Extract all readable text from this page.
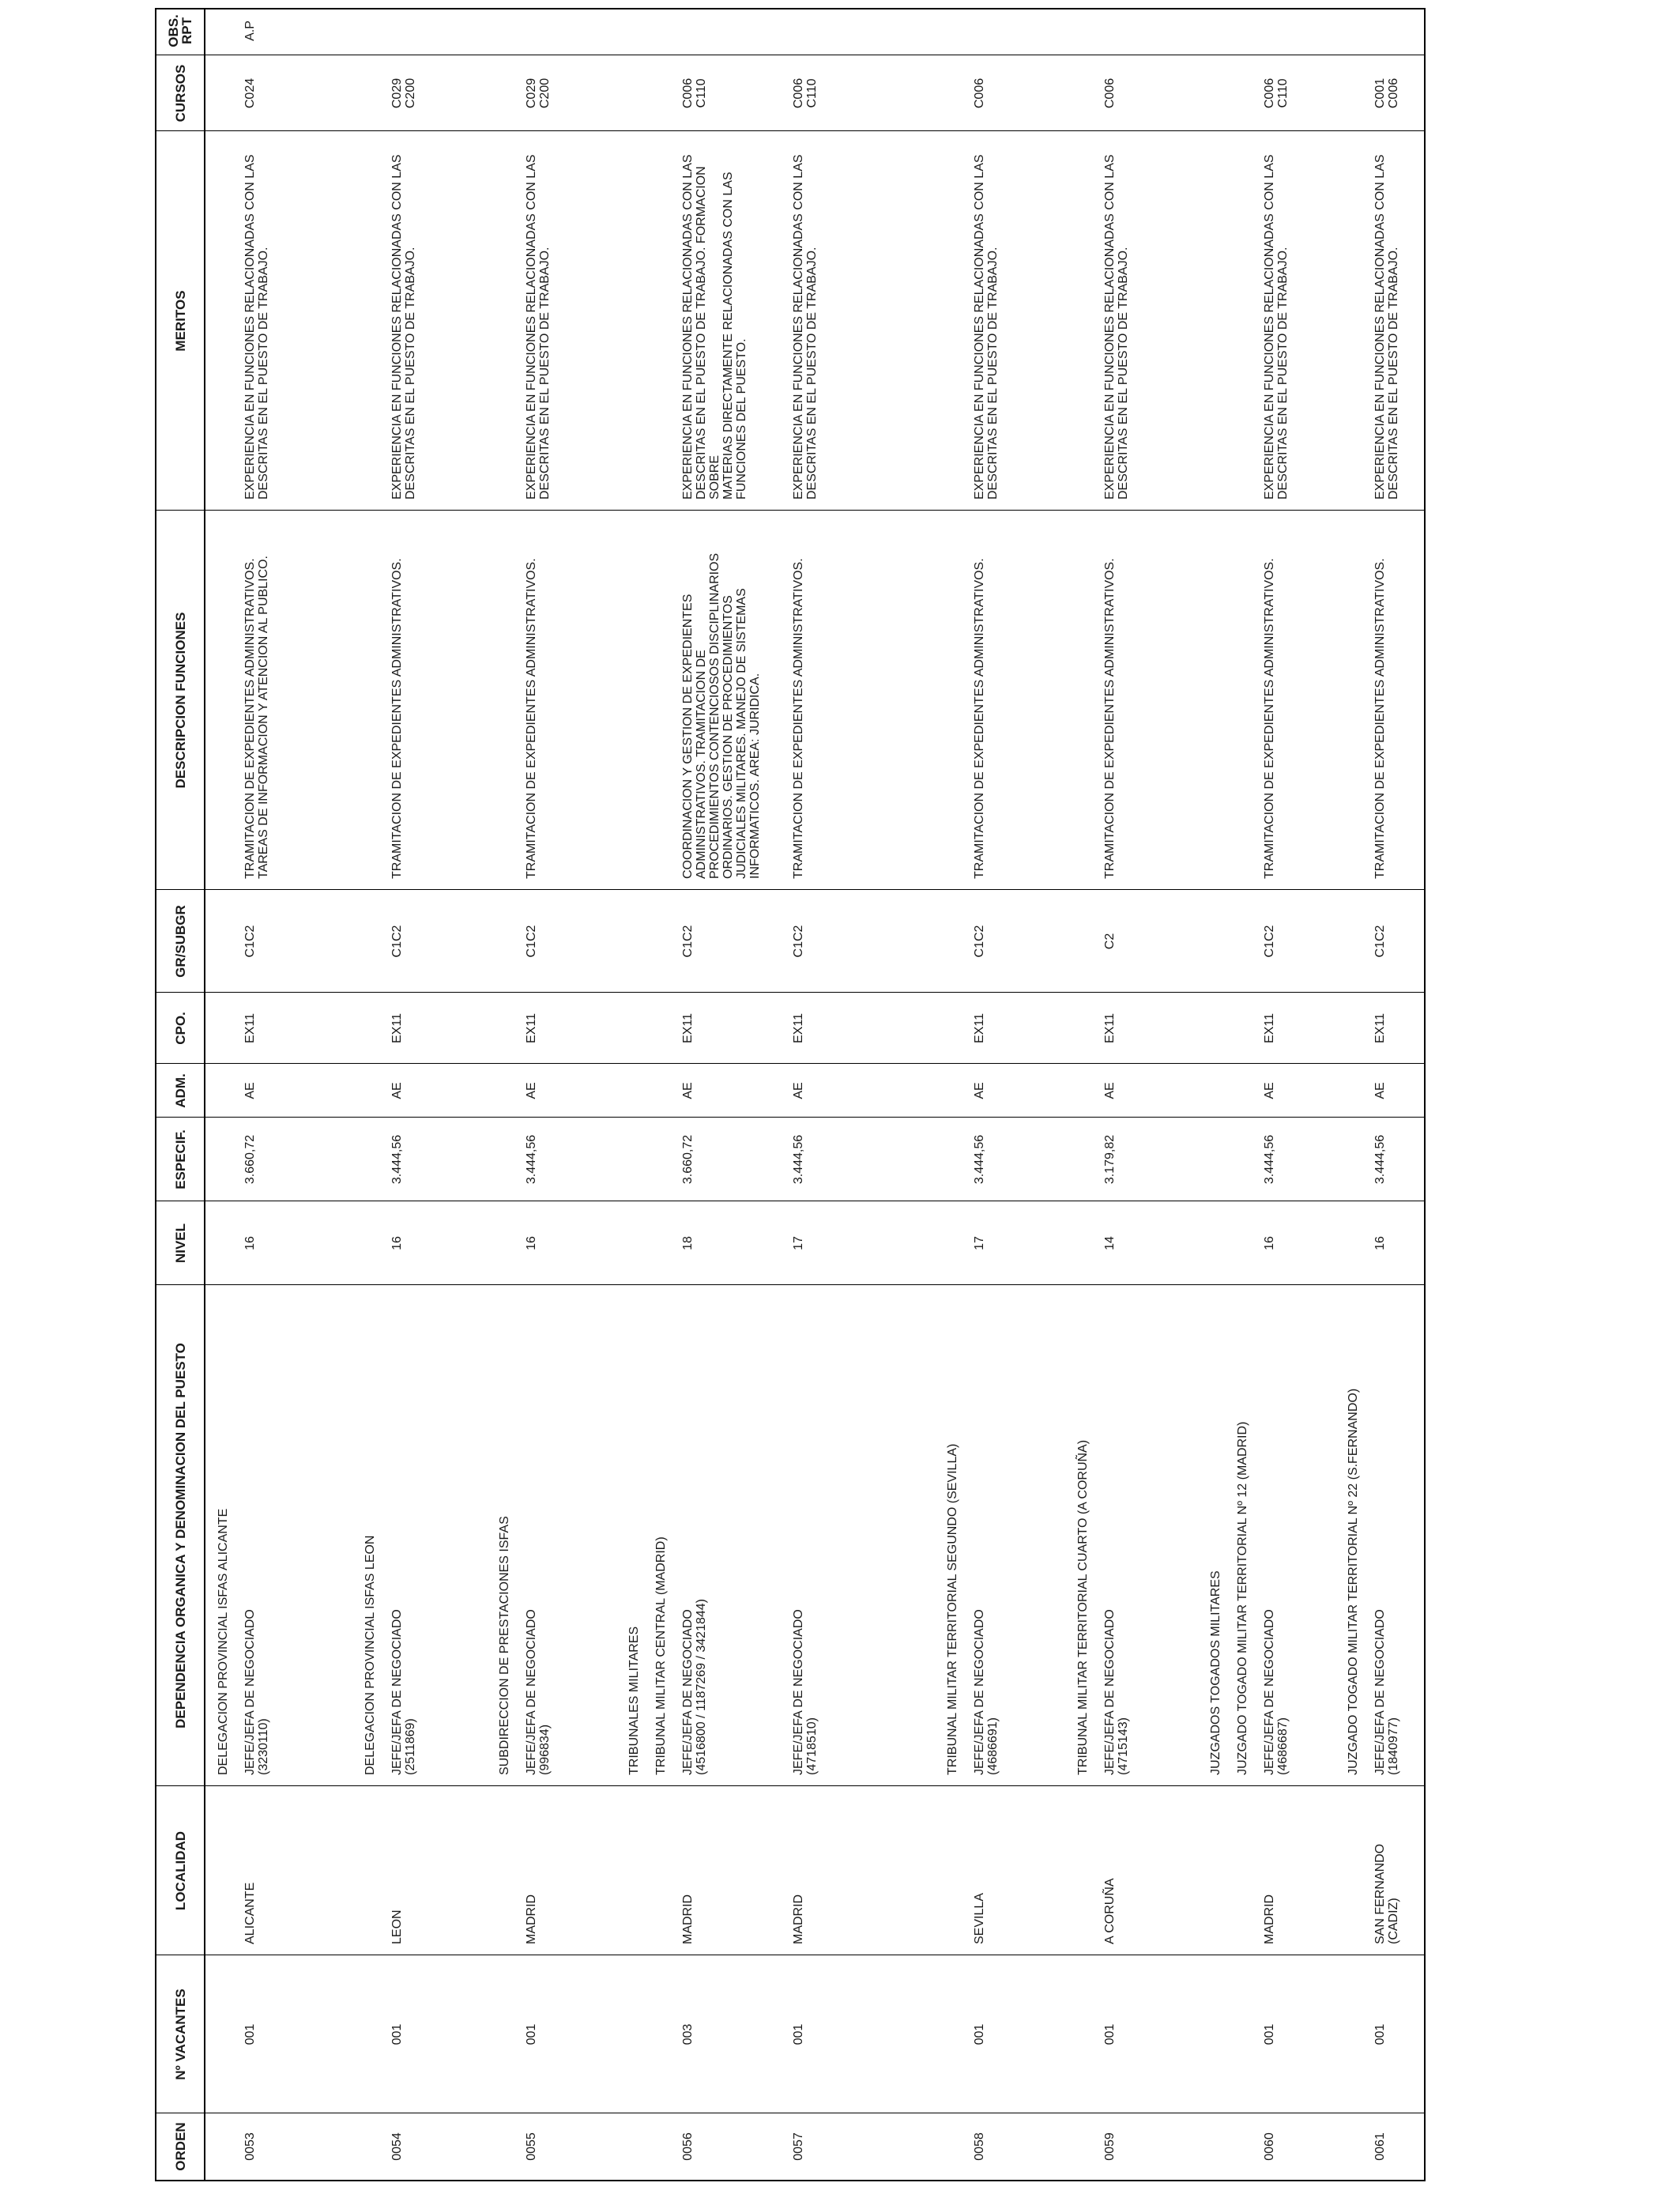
ORDEN
Nº VACANTES
LOCALIDAD
DEPENDENCIA ORGANICA Y DENOMINACION DEL PUESTO
NIVEL
ESPECIF.
ADM.
CPO.
GR/SUBGR
DESCRIPCION FUNCIONES
MERITOS
CURSOS
OBS.
RPT
DELEGACION PROVINCIAL ISFAS ALICANTE
0053
001
ALICANTE
JEFE/JEFA DE NEGOCIADO
(3230110)
16
3.660,72
AE
EX11
C1C2
TRAMITACION DE EXPEDIENTES ADMINISTRATIVOS.
TAREAS DE INFORMACION Y ATENCION AL PUBLICO.
EXPERIENCIA EN FUNCIONES RELACIONADAS CON LAS
DESCRITAS EN EL PUESTO DE TRABAJO.
C024
A.P
DELEGACION PROVINCIAL ISFAS LEON
0054
001
LEON
JEFE/JEFA DE NEGOCIADO
(2511869)
16
3.444,56
AE
EX11
C1C2
TRAMITACION DE EXPEDIENTES ADMINISTRATIVOS.
EXPERIENCIA EN FUNCIONES RELACIONADAS CON LAS
DESCRITAS EN EL PUESTO DE TRABAJO.
C029
C200
SUBDIRECCION DE PRESTACIONES ISFAS
0055
001
MADRID
JEFE/JEFA DE NEGOCIADO
(996834)
16
3.444,56
AE
EX11
C1C2
TRAMITACION DE EXPEDIENTES ADMINISTRATIVOS.
EXPERIENCIA EN FUNCIONES RELACIONADAS CON LAS
DESCRITAS EN EL PUESTO DE TRABAJO.
C029
C200
TRIBUNALES MILITARES TRIBUNAL MILITAR CENTRAL (MADRID)
0056
003
MADRID
JEFE/JEFA DE NEGOCIADO
(4516800 / 1187269 / 3421844)
18
3.660,72
AE
EX11
C1C2
COORDINACION Y GESTION DE EXPEDIENTES
ADMINISTRATIVOS. TRAMITACION DE
PROCEDIMIENTOS CONTENCIOSOS DISCIPLINARIOS
ORDINARIOS. GESTION DE PROCEDIMIENTOS
JUDICIALES MILITARES. MANEJO DE SISTEMAS
INFORMATICOS. AREA: JURIDICA.
EXPERIENCIA EN FUNCIONES RELACIONADAS CON LAS
DESCRITAS EN EL PUESTO DE TRABAJO. FORMACION SOBRE
MATERIAS DIRECTAMENTE RELACIONADAS CON LAS
FUNCIONES DEL PUESTO.
C006
C110
0057
001
MADRID
JEFE/JEFA DE NEGOCIADO
(4718510)
17
3.444,56
AE
EX11
C1C2
TRAMITACION DE EXPEDIENTES ADMINISTRATIVOS.
EXPERIENCIA EN FUNCIONES RELACIONADAS CON LAS
DESCRITAS EN EL PUESTO DE TRABAJO.
C006
C110
TRIBUNAL MILITAR TERRITORIAL SEGUNDO (SEVILLA)
0058
001
SEVILLA
JEFE/JEFA DE NEGOCIADO
(4686691)
17
3.444,56
AE
EX11
C1C2
TRAMITACION DE EXPEDIENTES ADMINISTRATIVOS.
EXPERIENCIA EN FUNCIONES RELACIONADAS CON LAS
DESCRITAS EN EL PUESTO DE TRABAJO.
C006
TRIBUNAL MILITAR TERRITORIAL CUARTO (A CORUÑA)
0059
001
A CORUÑA
JEFE/JEFA DE NEGOCIADO
(4715143)
14
3.179,82
AE
EX11
C2
TRAMITACION DE EXPEDIENTES ADMINISTRATIVOS.
EXPERIENCIA EN FUNCIONES RELACIONADAS CON LAS
DESCRITAS EN EL PUESTO DE TRABAJO.
C006
JUZGADOS TOGADOS MILITARES JUZGADO TOGADO MILITAR TERRITORIAL Nº 12 (MADRID)
0060
001
MADRID
JEFE/JEFA DE NEGOCIADO
(4686687)
16
3.444,56
AE
EX11
C1C2
TRAMITACION DE EXPEDIENTES ADMINISTRATIVOS.
EXPERIENCIA EN FUNCIONES RELACIONADAS CON LAS
DESCRITAS EN EL PUESTO DE TRABAJO.
C006
C110
JUZGADO TOGADO MILITAR TERRITORIAL Nº 22 (S.FERNANDO)
0061
001
SAN FERNANDO
(CADIZ)
JEFE/JEFA DE NEGOCIADO
(1840977)
16
3.444,56
AE
EX11
C1C2
TRAMITACION DE EXPEDIENTES ADMINISTRATIVOS.
EXPERIENCIA EN FUNCIONES RELACIONADAS CON LAS
DESCRITAS EN EL PUESTO DE TRABAJO.
C001
C006
